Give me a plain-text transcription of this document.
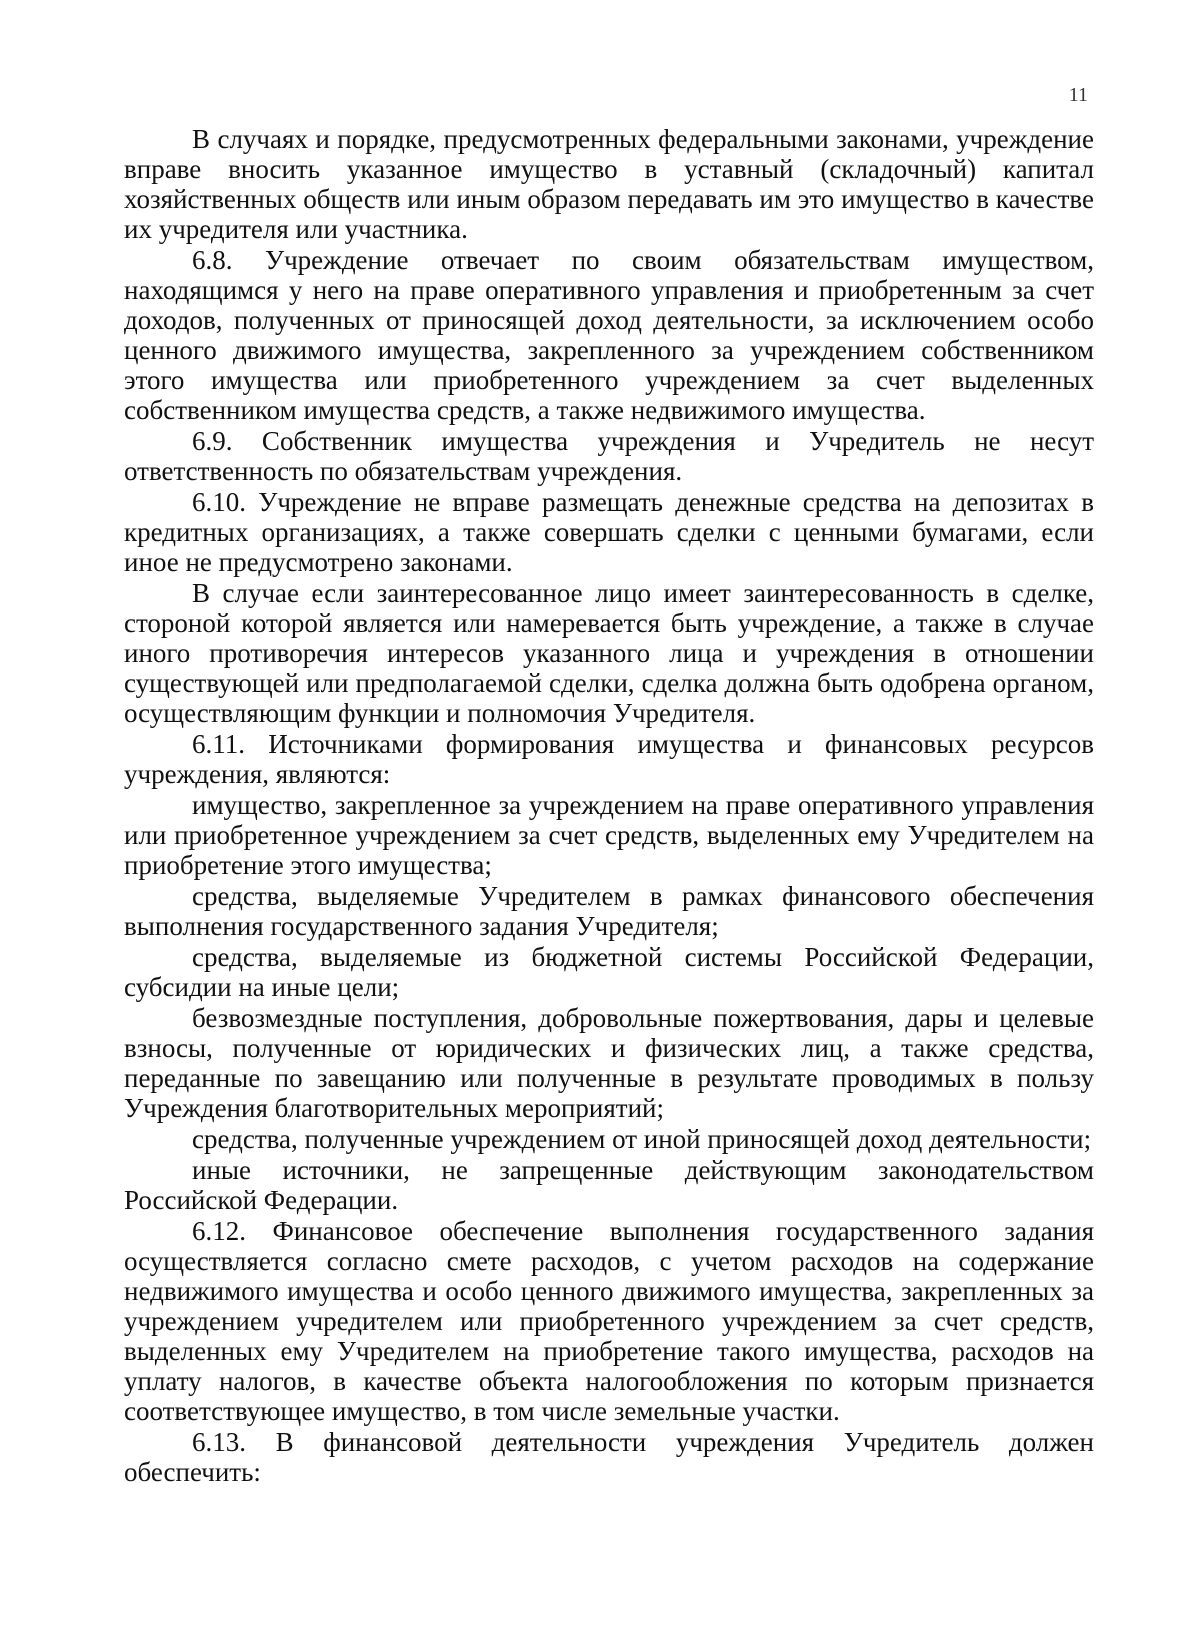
11

В случаях и порядке, предусмотренных федеральными законами, учреждение вправе вносить указанное имущество в уставный (складочный) капитал хозяйственных обществ или иным образом передавать им это имущество в качестве их учредителя или участника.

6.8. Учреждение отвечает по своим обязательствам имуществом, находящимся у него на праве оперативного управления и приобретенным за счет доходов, полученных от приносящей доход деятельности, за исключением особо ценного движимого имущества, закрепленного за учреждением собственником этого имущества или приобретенного учреждением за счет выделенных собственником имущества средств, а также недвижимого имущества.

6.9. Собственник имущества учреждения и Учредитель не несут ответственность по обязательствам учреждения.

6.10. Учреждение не вправе размещать денежные средства на депозитах в кредитных организациях, а также совершать сделки с ценными бумагами, если иное не предусмотрено законами.

В случае если заинтересованное лицо имеет заинтересованность в сделке, стороной которой является или намеревается быть учреждение, а также в случае иного противоречия интересов указанного лица и учреждения в отношении существующей или предполагаемой сделки, сделка должна быть одобрена органом, осуществляющим функции и полномочия Учредителя.

6.11. Источниками формирования имущества и финансовых ресурсов учреждения, являются:

имущество, закрепленное за учреждением на праве оперативного управления или приобретенное учреждением за счет средств, выделенных ему Учредителем на приобретение этого имущества;

средства, выделяемые Учредителем в рамках финансового обеспечения выполнения государственного задания Учредителя;

средства, выделяемые из бюджетной системы Российской Федерации, субсидии на иные цели;

безвозмездные поступления, добровольные пожертвования, дары и целевые взносы, полученные от юридических и физических лиц, а также средства, переданные по завещанию или полученные в результате проводимых в пользу Учреждения благотворительных мероприятий;

средства, полученные учреждением от иной приносящей доход деятельности;

иные источники, не запрещенные действующим законодательством Российской Федерации.

6.12. Финансовое обеспечение выполнения государственного задания осуществляется согласно смете расходов, с учетом расходов на содержание недвижимого имущества и особо ценного движимого имущества, закрепленных за учреждением учредителем или приобретенного учреждением за счет средств, выделенных ему Учредителем на приобретение такого имущества, расходов на уплату налогов, в качестве объекта налогообложения по которым признается соответствующее имущество, в том числе земельные участки.

6.13. В финансовой деятельности учреждения Учредитель должен обеспечить:
